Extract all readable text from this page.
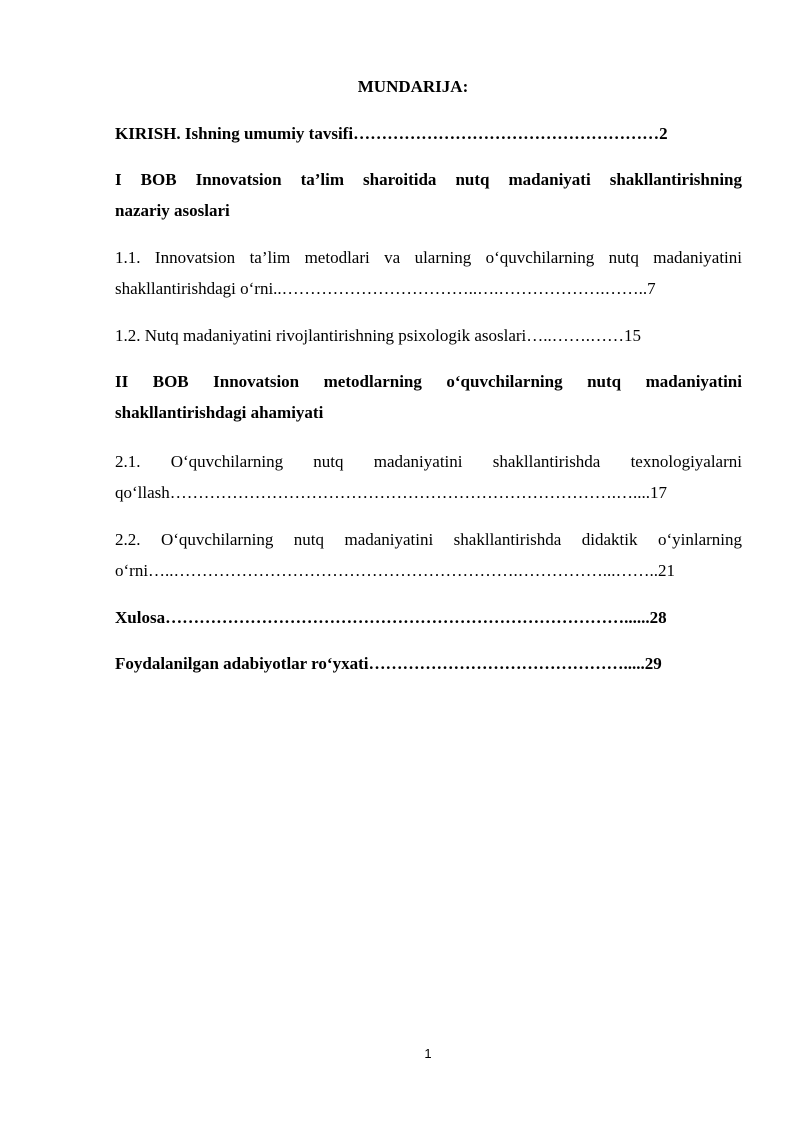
MUNDARIJA:

KIRISH. Ishning umumiy tavsifi………………………………………………2

I BOB Innovatsion ta’lim sharoitida nutq madaniyati shakllantirishning
nazariy asoslari

1.1. Innovatsion ta’lim metodlari va ularning o‘quvchilarning nutq madaniyatini
shakllantirishdagi o‘rni..……………………………..….……………….……..7

1.2. Nutq madaniyatini rivojlantirishning psixologik asoslari…..…….……15

II BOB Innovatsion metodlarning o‘quvchilarning nutq madaniyatini
shakllantirishdagi ahamiyati

2.1. O‘quvchilarning nutq madaniyatini shakllantirishda texnologiyalarni
qo‘llash…………………………………………………………………….…....17

2.2. O‘quvchilarning nutq madaniyatini shakllantirishda didaktik o‘yinlarning
o‘rni…..…………………………………………………….……………...……..21

Xulosa………………………………………………………………………......28

Foydalanilgan adabiyotlar ro‘yxati……………………………………….....29

1
